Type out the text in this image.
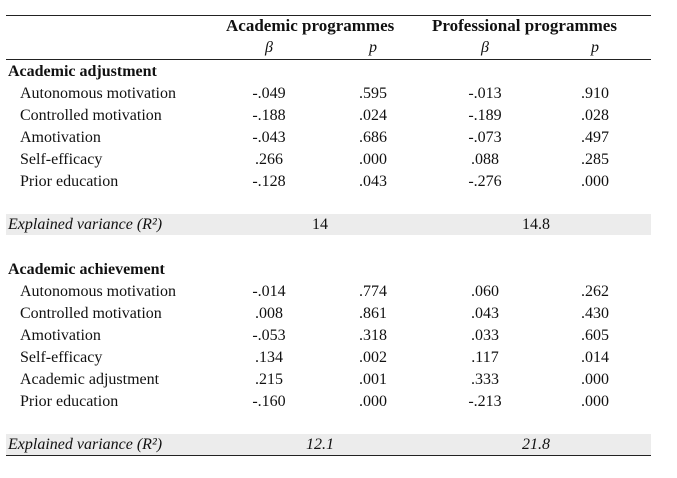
Academic programmes Professional programmes
β	p	β	p
Academic adjustment
Autonomous motivation	-.049	.595	-.013	.910
Controlled motivation	-.188	.024	-.189	.028
Amotivation	-.043	.686	-.073	.497
Self-efficacy	.266	.000	.088	.285
Prior education	-.128	.043	-.276	.000
Explained variance (R²)	14	14.8
Academic achievement
Autonomous motivation	-.014	.774	.060	.262
Controlled motivation	.008	.861	.043	.430
Amotivation	-.053	.318	.033	.605
Self-efficacy	.134	.002	.117	.014
Academic adjustment	.215	.001	.333	.000
Prior education	-.160	.000	-.213	.000
Explained variance (R²)	12.1	21.8
